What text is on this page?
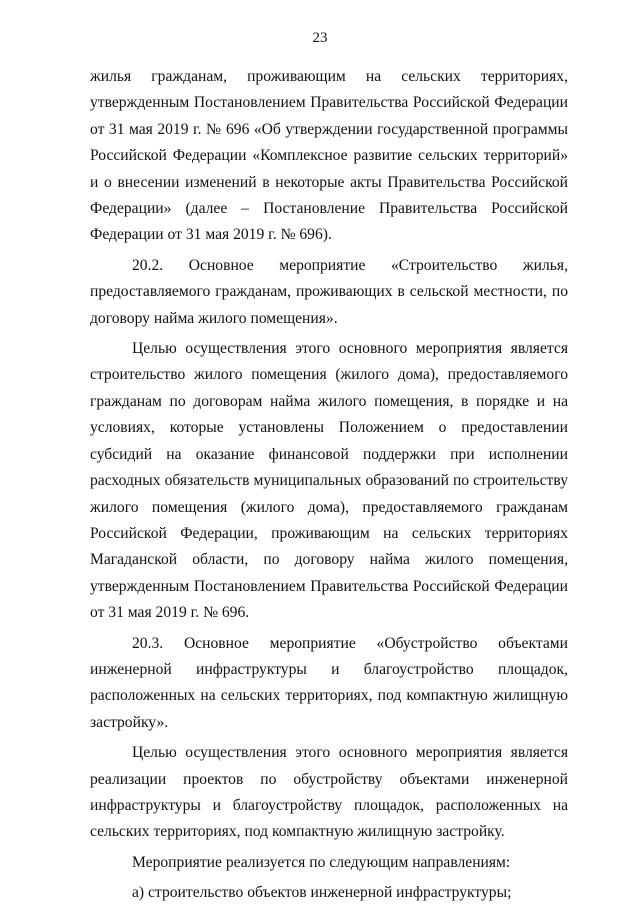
23

жилья гражданам, проживающим на сельских территориях, утвержденным Постановлением Правительства Российской Федерации от 31 мая 2019 г. № 696 «Об утверждении государственной программы Российской Федерации «Комплексное развитие сельских территорий» и о внесении изменений в некоторые акты Правительства Российской Федерации» (далее – Постановление Правительства Российской Федерации от 31 мая 2019 г. № 696).

20.2. Основное мероприятие «Строительство жилья, предоставляемого гражданам, проживающих в сельской местности, по договору найма жилого помещения».

Целью осуществления этого основного мероприятия является строительство жилого помещения (жилого дома), предоставляемого гражданам по договорам найма жилого помещения, в порядке и на условиях, которые установлены Положением о предоставлении субсидий на оказание финансовой поддержки при исполнении расходных обязательств муниципальных образований по строительству жилого помещения (жилого дома), предоставляемого гражданам Российской Федерации, проживающим на сельских территориях Магаданской области, по договору найма жилого помещения, утвержденным Постановлением Правительства Российской Федерации от 31 мая 2019 г. № 696.

20.3. Основное мероприятие «Обустройство объектами инженерной инфраструктуры и благоустройство площадок, расположенных на сельских территориях, под компактную жилищную застройку».

Целью осуществления этого основного мероприятия является реализации проектов по обустройству объектами инженерной инфраструктуры и благоустройству площадок, расположенных на сельских территориях, под компактную жилищную застройку.

Мероприятие реализуется по следующим направлениям:

а) строительство объектов инженерной инфраструктуры;
